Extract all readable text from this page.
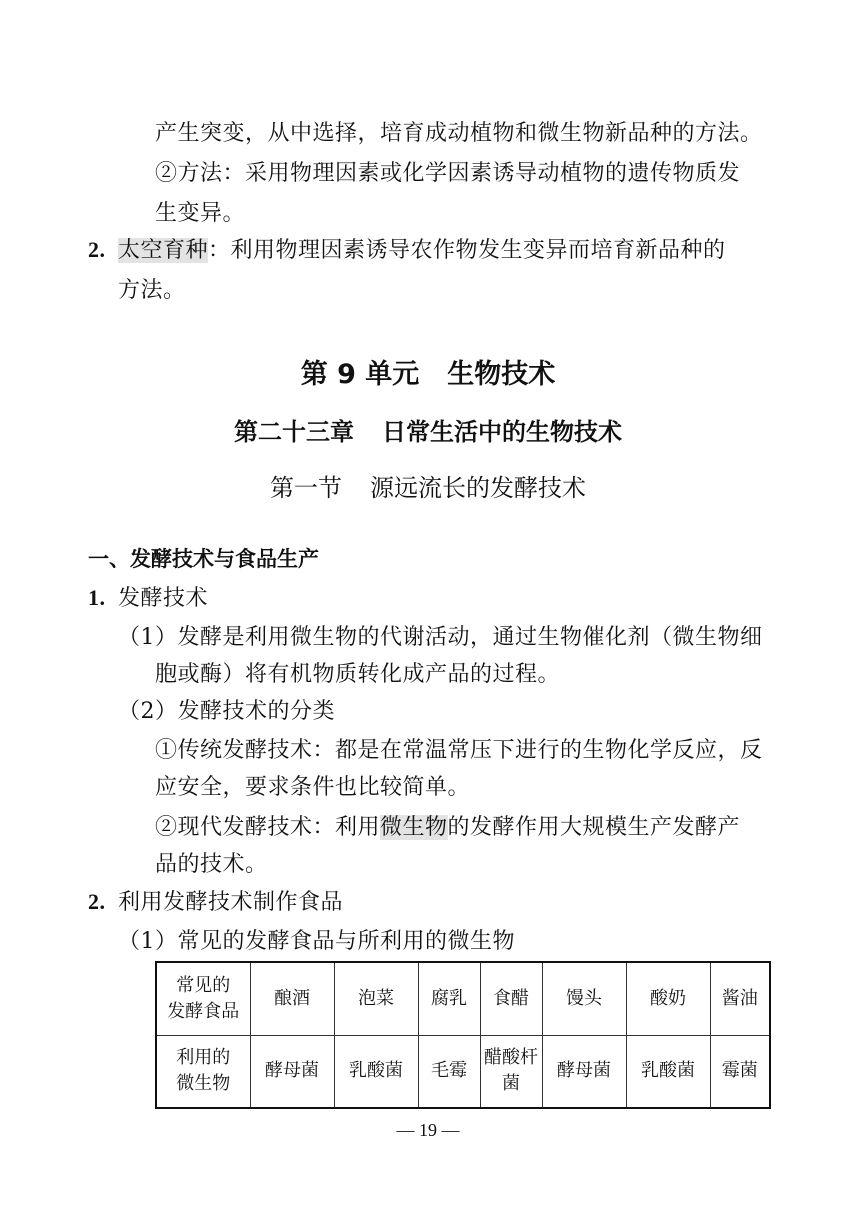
产生突变，从中选择，培育成动植物和微生物新品种的方法。
②方法：采用物理因素或化学因素诱导动植物的遗传物质发
生变异。
2. 太空育种：利用物理因素诱导农作物发生变异而培育新品种的
方法。
第 9 单元 生物技术
第二十三章 日常生活中的生物技术
第一节 源远流长的发酵技术
一、发酵技术与食品生产
1. 发酵技术
（1）发酵是利用微生物的代谢活动，通过生物催化剂（微生物细
胞或酶）将有机物质转化成产品的过程。
（2）发酵技术的分类
①传统发酵技术：都是在常温常压下进行的生物化学反应，反
应安全，要求条件也比较简单。
②现代发酵技术：利用微生物的发酵作用大规模生产发酵产
品的技术。
2. 利用发酵技术制作食品
（1）常见的发酵食品与所利用的微生物
常见的
发酵食品	酿酒	泡菜	腐乳	食醋	馒头	酸奶	酱油
利用的
微生物	酵母菌	乳酸菌	毛霉	醋酸杆菌	酵母菌	乳酸菌	霉菌
— 19 —
